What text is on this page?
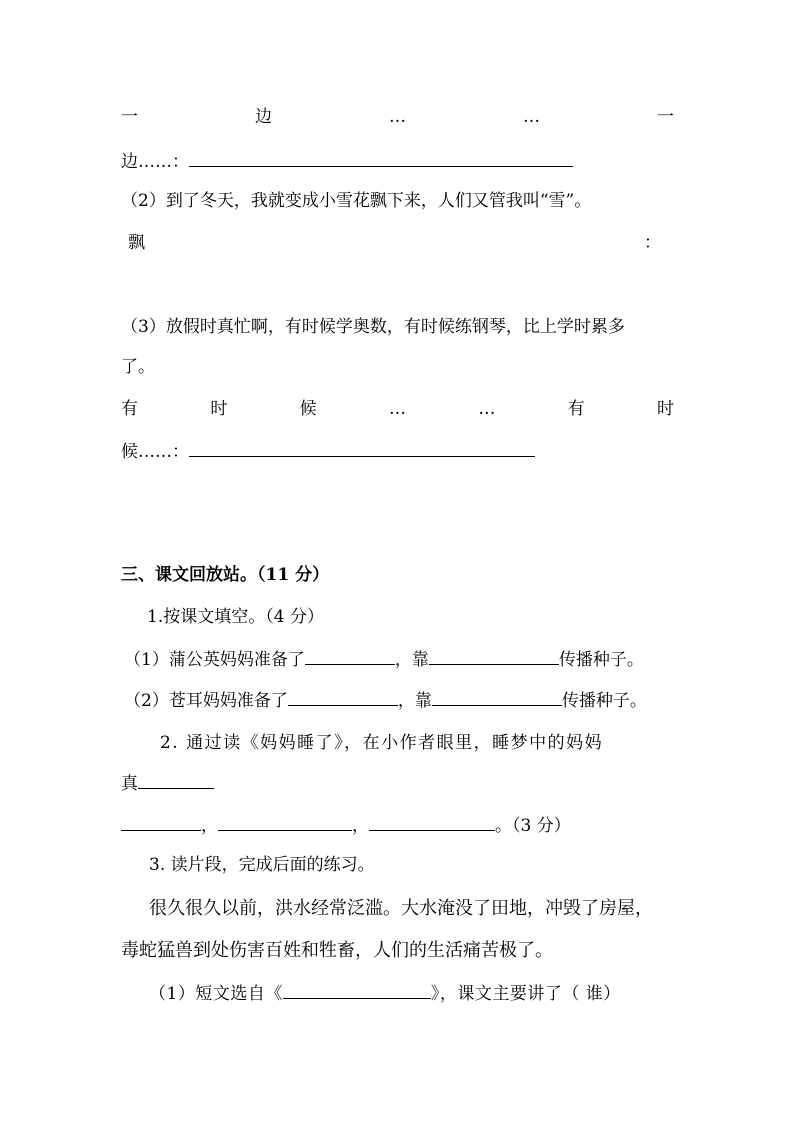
一	边	…	…	一
边……：
（2）到了冬天，我就变成小雪花飘下来，人们又管我叫“雪”。
飘	：
（3）放假时真忙啊，有时候学奥数，有时候练钢琴，比上学时累多
了。
有	时	候	…	…	有	时
候……：
三、课文回放站。（11 分）
1.按课文填空。（4 分）
（1）蒲公英妈妈准备了	，靠	传播种子。
（2）苍耳妈妈准备了	，靠	传播种子。
2. 通过读《妈妈睡了》，在小作者眼里，睡梦中的妈妈
真
，	，	。（3 分）
3. 读片段，完成后面的练习。
很久很久以前，洪水经常泛滥。大水淹没了田地，冲毁了房屋，
毒蛇猛兽到处伤害百姓和牲畜，人们的生活痛苦极了。
（1）短文选自《	》，课文主要讲了（ 谁）
